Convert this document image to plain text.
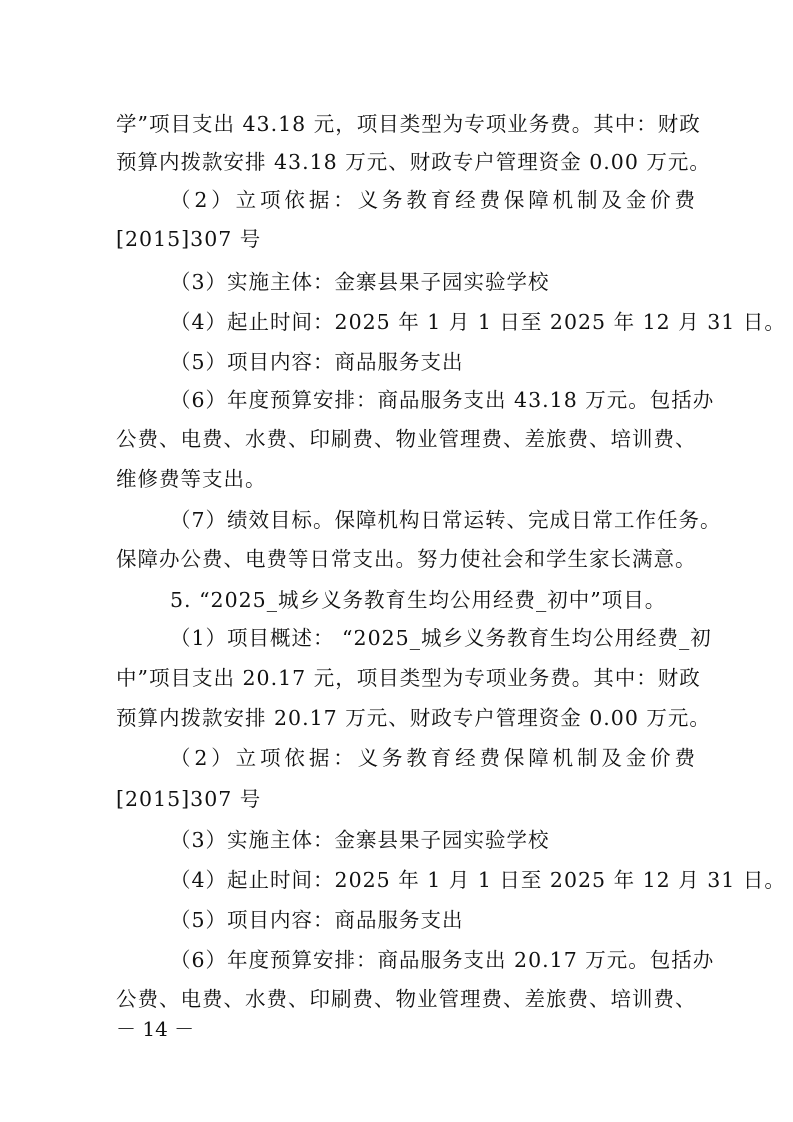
学”项目支出 43.18 元，项目类型为专项业务费。其中：财政
预算内拨款安排 43.18 万元、财政专户管理资金 0.00 万元。
（2）立项依据：义务教育经费保障机制及金价费
[2015]307 号
（3）实施主体：金寨县果子园实验学校
（4）起止时间：2025 年 1 月 1 日至 2025 年 12 月 31 日。
（5）项目内容：商品服务支出
（6）年度预算安排：商品服务支出 43.18 万元。包括办
公费、电费、水费、印刷费、物业管理费、差旅费、培训费、
维修费等支出。
（7）绩效目标。保障机构日常运转、完成日常工作任务。
保障办公费、电费等日常支出。努力使社会和学生家长满意。
5. “2025_城乡义务教育生均公用经费_初中”项目。
（1）项目概述： “2025_城乡义务教育生均公用经费_初
中”项目支出 20.17 元，项目类型为专项业务费。其中：财政
预算内拨款安排 20.17 万元、财政专户管理资金 0.00 万元。
（2）立项依据：义务教育经费保障机制及金价费
[2015]307 号
（3）实施主体：金寨县果子园实验学校
（4）起止时间：2025 年 1 月 1 日至 2025 年 12 月 31 日。
（5）项目内容：商品服务支出
（6）年度预算安排：商品服务支出 20.17 万元。包括办
公费、电费、水费、印刷费、物业管理费、差旅费、培训费、
－ 14 －
